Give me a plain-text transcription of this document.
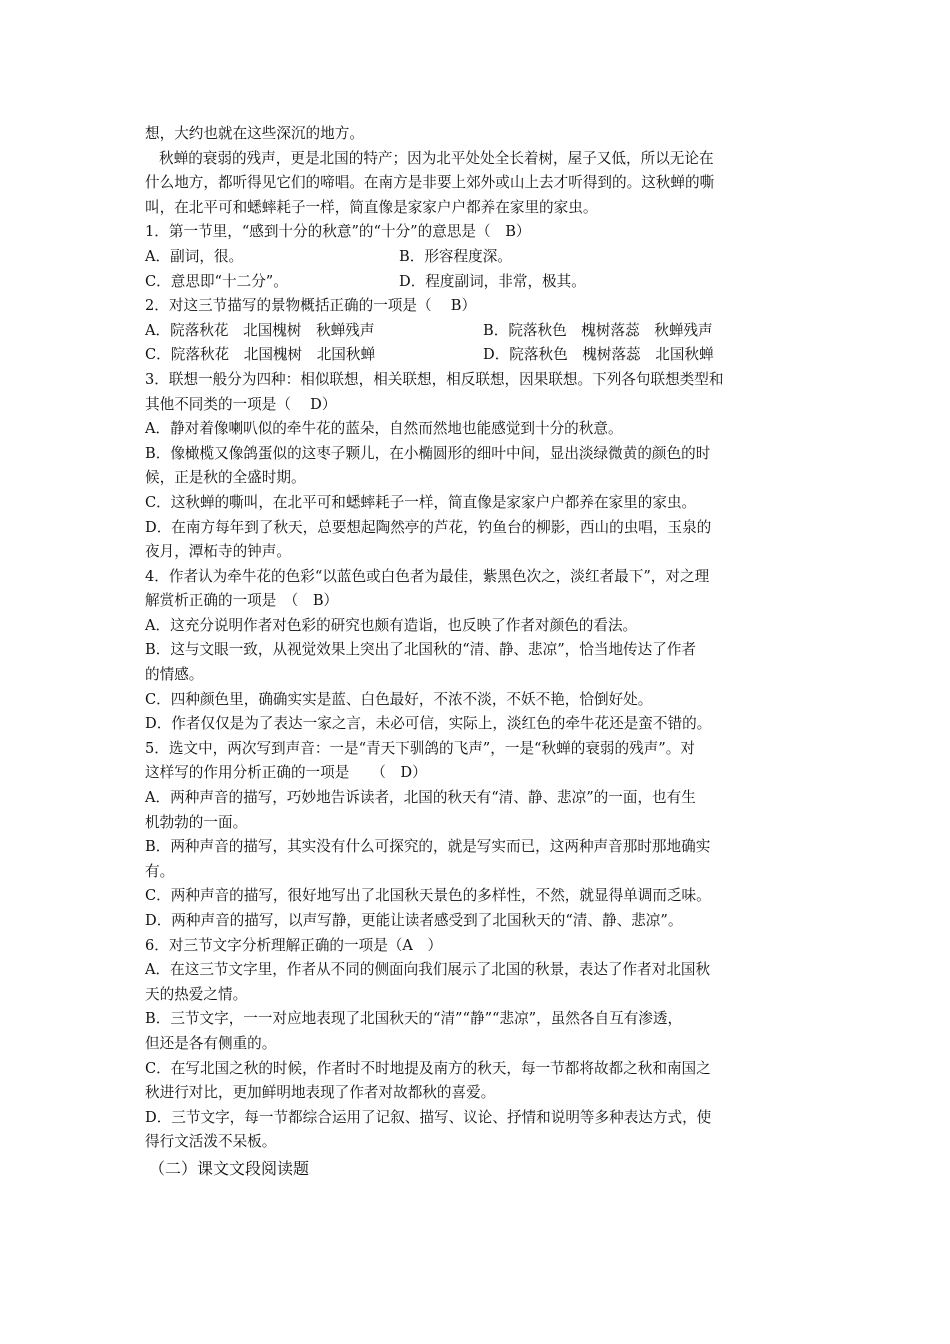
想，大约也就在这些深沉的地方。
秋蝉的衰弱的残声，更是北国的特产；因为北平处处全长着树，屋子又低，所以无论在
什么地方，都听得见它们的啼唱。在南方是非要上郊外或山上去才听得到的。这秋蝉的嘶
叫，在北平可和蟋蟀耗子一样，简直像是家家户户都养在家里的家虫。
1．第一节里，“感到十分的秋意”的“十分”的意思是（　B）
A．副词，很。	B．形容程度深。
C．意思即“十二分”。	D．程度副词，非常，极其。
2．对这三节描写的景物概括正确的一项是（　 B）
A．院落秋花　北国槐树　秋蝉残声	B．院落秋色　槐树落蕊　秋蝉残声
C．院落秋花　北国槐树　北国秋蝉	D．院落秋色　槐树落蕊　北国秋蝉
3．联想一般分为四种：相似联想，相关联想，相反联想，因果联想。下列各句联想类型和
其他不同类的一项是（　 D）
A．静对着像喇叭似的牵牛花的蓝朵，自然而然地也能感觉到十分的秋意。
B．像橄榄又像鸽蛋似的这枣子颗儿，在小椭圆形的细叶中间，显出淡绿微黄的颜色的时
候，正是秋的全盛时期。
C．这秋蝉的嘶叫，在北平可和蟋蟀耗子一样，简直像是家家户户都养在家里的家虫。
D．在南方每年到了秋天，总要想起陶然亭的芦花，钓鱼台的柳影，西山的虫唱，玉泉的
夜月，潭柘寺的钟声。
4．作者认为牵牛花的色彩“以蓝色或白色者为最佳，紫黑色次之，淡红者最下”，对之理
解赏析正确的一项是　（　B）
A．这充分说明作者对色彩的研究也颇有造诣，也反映了作者对颜色的看法。
B．这与文眼一致，从视觉效果上突出了北国秋的“清、静、悲凉”，恰当地传达了作者
的情感。
C．四种颜色里，确确实实是蓝、白色最好，不浓不淡，不妖不艳，恰倒好处。
D．作者仅仅是为了表达一家之言，未必可信，实际上，淡红色的牵牛花还是蛮不错的。
5．选文中，两次写到声音：一是“青天下驯鸽的飞声”，一是“秋蝉的衰弱的残声”。对
这样写的作用分析正确的一项是　　（　D）
A．两种声音的描写，巧妙地告诉读者，北国的秋天有“清、静、悲凉”的一面，也有生
机勃勃的一面。
B．两种声音的描写，其实没有什么可探究的，就是写实而已，这两种声音那时那地确实
有。
C．两种声音的描写，很好地写出了北国秋天景色的多样性，不然，就显得单调而乏味。
D．两种声音的描写，以声写静，更能让读者感受到了北国秋天的“清、静、悲凉”。
6．对三节文字分析理解正确的一项是（A　）
A．在这三节文字里，作者从不同的侧面向我们展示了北国的秋景，表达了作者对北国秋
天的热爱之情。
B．三节文字，一一对应地表现了北国秋天的“清”“静”“悲凉”，虽然各自互有渗透，
但还是各有侧重的。
C．在写北国之秋的时候，作者时不时地提及南方的秋天，每一节都将故都之秋和南国之
秋进行对比，更加鲜明地表现了作者对故都秋的喜爱。
D．三节文字，每一节都综合运用了记叙、描写、议论、抒情和说明等多种表达方式，使
得行文活泼不呆板。
（二）课文文段阅读题
